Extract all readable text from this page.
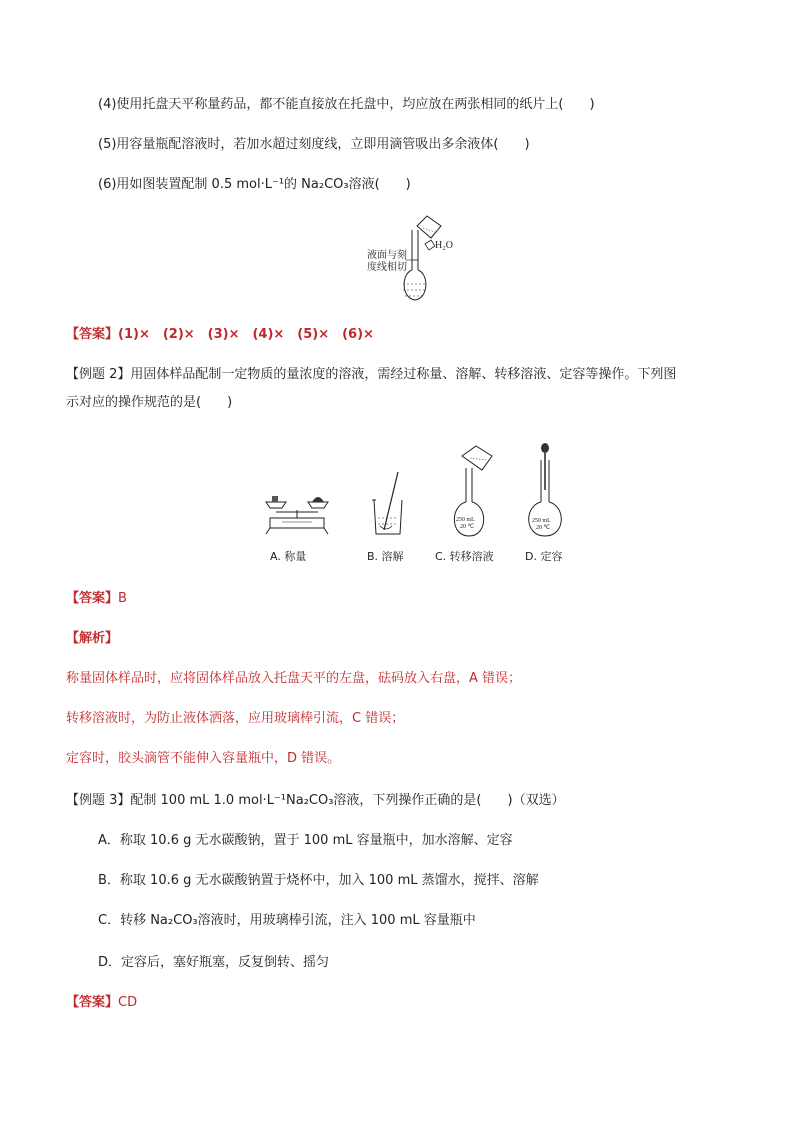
(4)使用托盘天平称量药品，都不能直接放在托盘中，均应放在两张相同的纸片上(　　)
(5)用容量瓶配溶液时，若加水超过刻度线，立即用滴管吸出多余液体(　　)
(6)用如图装置配制 0.5 mol·L⁻¹的 Na₂CO₃溶液(　　)
液面与刻
度线相切
H₂O
【答案】(1)×　(2)×　(3)×　(4)×　(5)×　(6)×
【例题 2】用固体样品配制一定物质的量浓度的溶液，需经过称量、溶解、转移溶液、定容等操作。下列图
示对应的操作规范的是(　　)
250 mL
20 ℃
250 mL
20 ℃
A. 称量	B. 溶解	C. 转移溶液	D. 定容
【答案】B
【解析】
称量固体样品时，应将固体样品放入托盘天平的左盘，砝码放入右盘，A 错误；
转移溶液时，为防止液体洒落，应用玻璃棒引流，C 错误；
定容时，胶头滴管不能伸入容量瓶中，D 错误。
【例题 3】配制 100 mL 1.0 mol·L⁻¹Na₂CO₃溶液，下列操作正确的是(　　)（双选）
A．称取 10.6 g 无水碳酸钠，置于 100 mL 容量瓶中，加水溶解、定容
B．称取 10.6 g 无水碳酸钠置于烧杯中，加入 100 mL 蒸馏水，搅拌、溶解
C．转移 Na₂CO₃溶液时，用玻璃棒引流，注入 100 mL 容量瓶中
D．定容后，塞好瓶塞，反复倒转、摇匀
【答案】CD
